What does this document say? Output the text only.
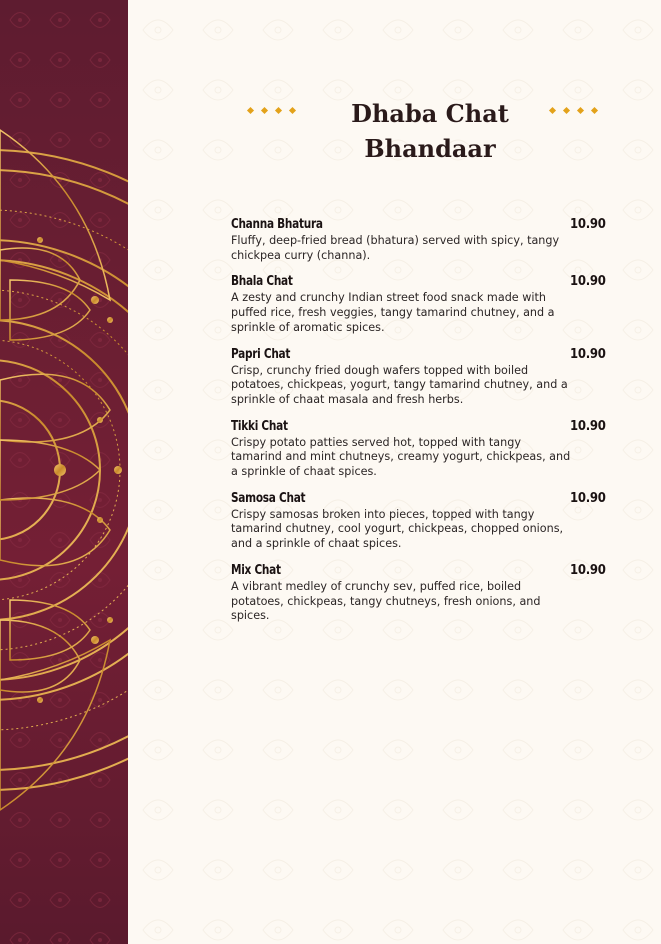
Dhaba Chat
Bhandaar
Channa Bhatura	10.90
Fluffy, deep-fried bread (bhatura) served with spicy, tangy chickpea curry (channa).
Bhala Chat	10.90
A zesty and crunchy Indian street food snack made with puffed rice, fresh veggies, tangy tamarind chutney, and a sprinkle of aromatic spices.
Papri Chat	10.90
Crisp, crunchy fried dough wafers topped with boiled potatoes, chickpeas, yogurt, tangy tamarind chutney, and a sprinkle of chaat masala and fresh herbs.
Tikki Chat	10.90
Crispy potato patties served hot, topped with tangy tamarind and mint chutneys, creamy yogurt, chickpeas, and a sprinkle of chaat spices.
Samosa Chat	10.90
Crispy samosas broken into pieces, topped with tangy tamarind chutney, cool yogurt, chickpeas, chopped onions, and a sprinkle of chaat spices.
Mix Chat	10.90
A vibrant medley of crunchy sev, puffed rice, boiled potatoes, chickpeas, tangy chutneys, fresh onions, and spices.
